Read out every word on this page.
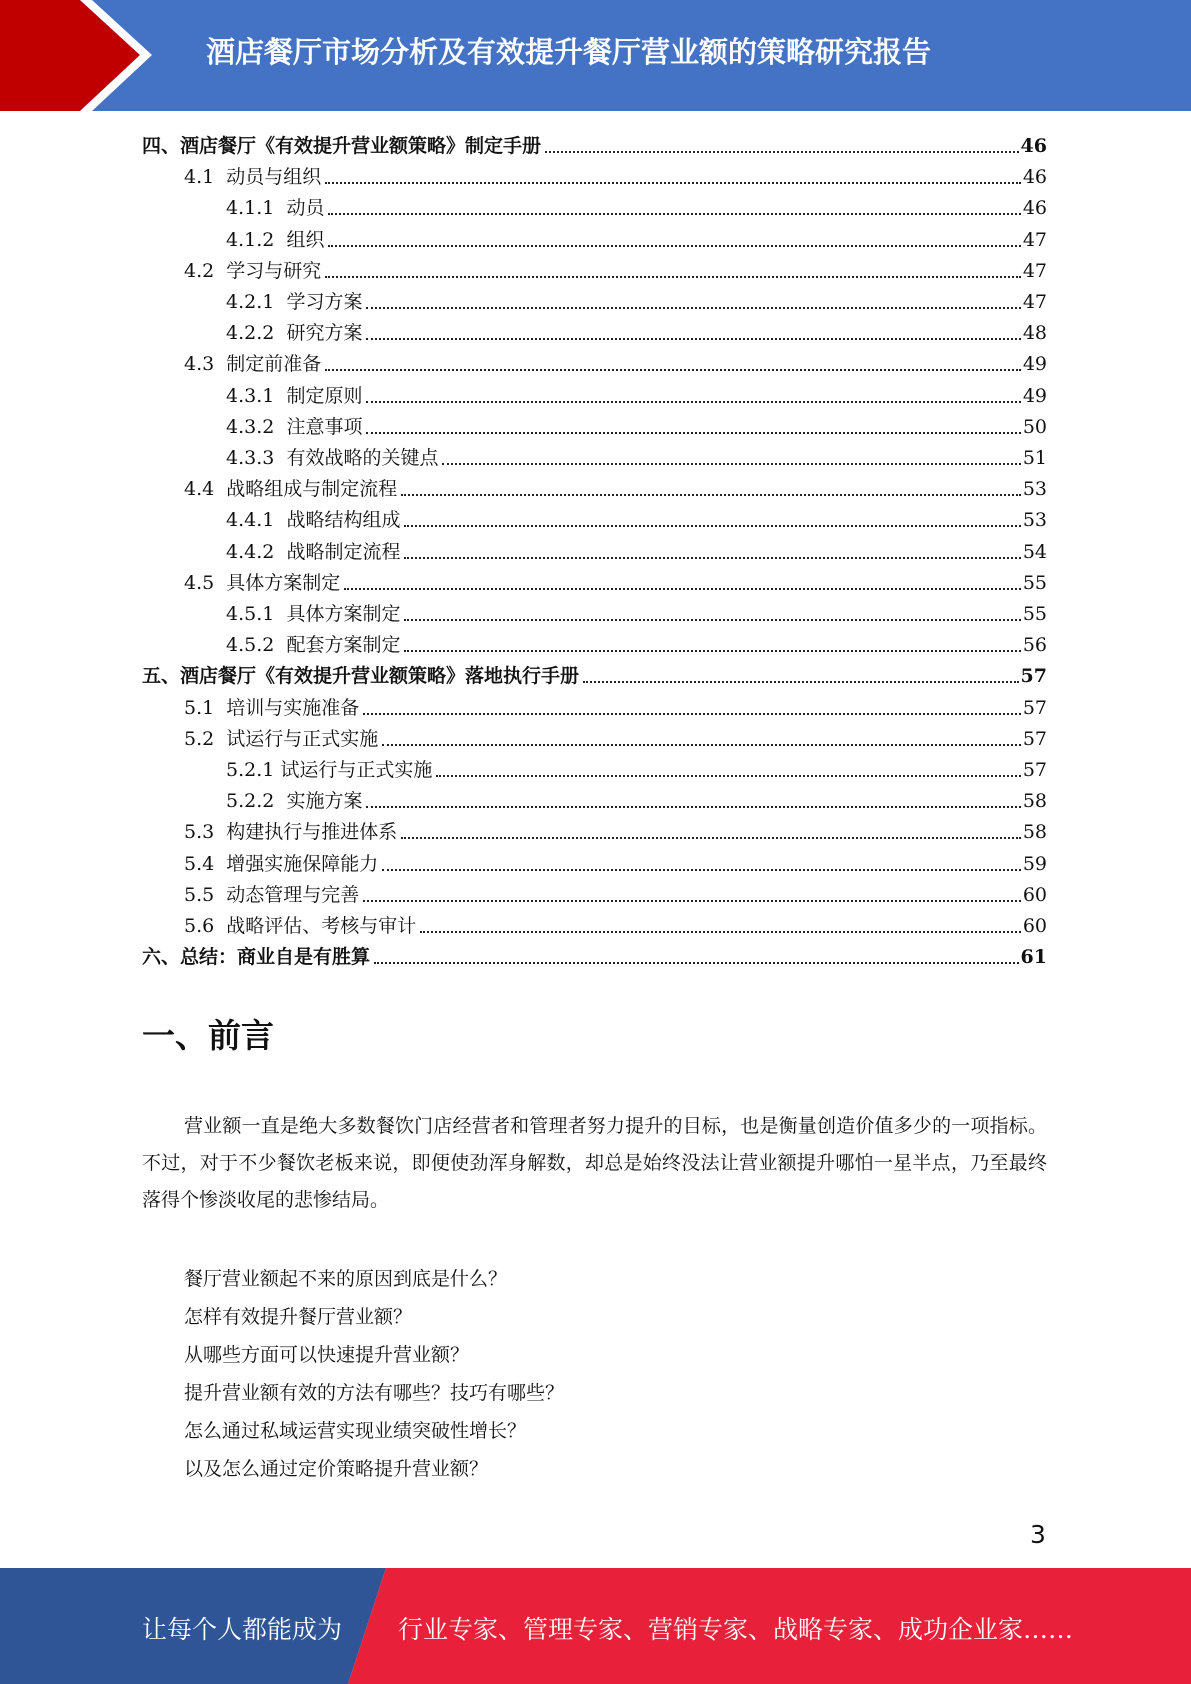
酒店餐厅市场分析及有效提升餐厅营业额的策略研究报告
四、酒店餐厅《有效提升营业额策略》制定手册	46
4.1 动员与组织	46
4.1.1 动员	46
4.1.2 组织	47
4.2 学习与研究	47
4.2.1 学习方案	47
4.2.2 研究方案	48
4.3 制定前准备	49
4.3.1 制定原则	49
4.3.2 注意事项	50
4.3.3 有效战略的关键点	51
4.4 战略组成与制定流程	53
4.4.1 战略结构组成	53
4.4.2 战略制定流程	54
4.5 具体方案制定	55
4.5.1 具体方案制定	55
4.5.2 配套方案制定	56
五、酒店餐厅《有效提升营业额策略》落地执行手册	57
5.1 培训与实施准备	57
5.2 试运行与正式实施	57
5.2.1 试运行与正式实施	57
5.2.2 实施方案	58
5.3 构建执行与推进体系	58
5.4 增强实施保障能力	59
5.5 动态管理与完善	60
5.6 战略评估、考核与审计	60
六、总结：商业自是有胜算	61
一、前言

营业额一直是绝大多数餐饮门店经营者和管理者努力提升的目标，也是衡量创造价值多少的一项指标。不过，对于不少餐饮老板来说，即便使劲浑身解数，却总是始终没法让营业额提升哪怕一星半点，乃至最终落得个惨淡收尾的悲惨结局。

餐厅营业额起不来的原因到底是什么？
怎样有效提升餐厅营业额？
从哪些方面可以快速提升营业额？
提升营业额有效的方法有哪些？技巧有哪些？
怎么通过私域运营实现业绩突破性增长？
以及怎么通过定价策略提升营业额？
3
让每个人都能成为 行业专家、管理专家、营销专家、战略专家、成功企业家……
